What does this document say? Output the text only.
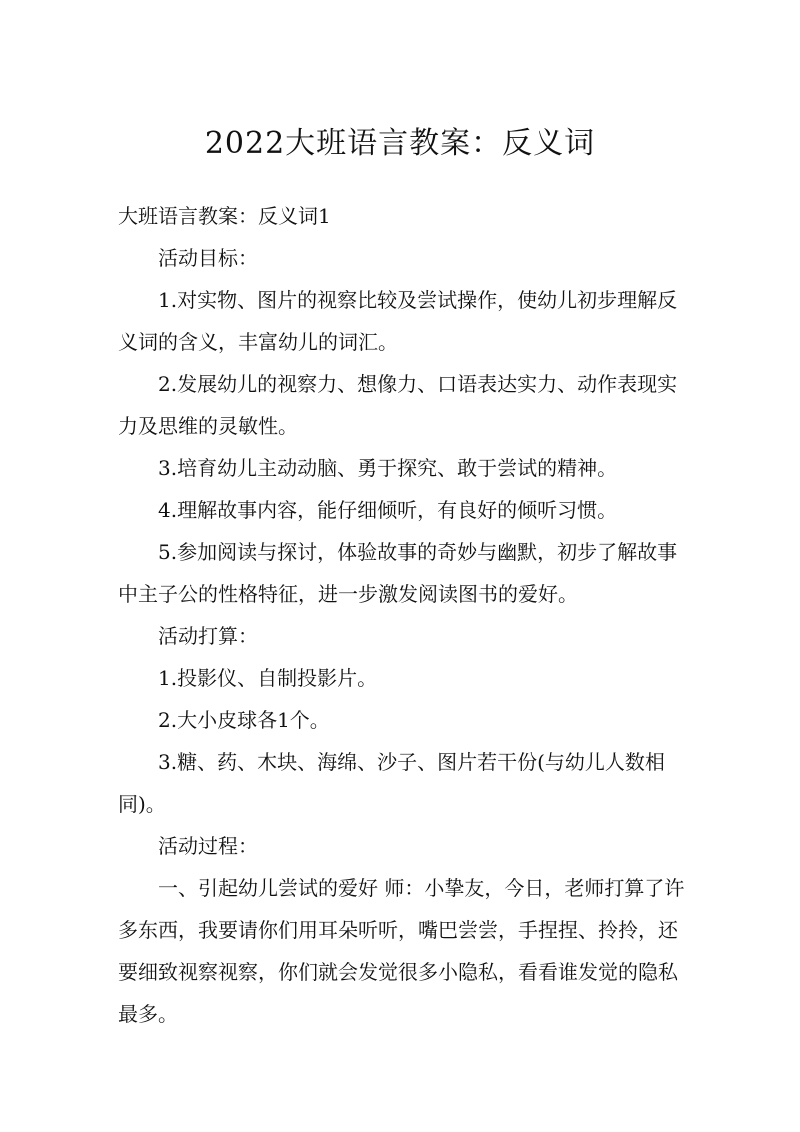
2022大班语言教案：反义词

大班语言教案：反义词1

活动目标：

1.对实物、图片的视察比较及尝试操作，使幼儿初步理解反义词的含义，丰富幼儿的词汇。

2.发展幼儿的视察力、想像力、口语表达实力、动作表现实力及思维的灵敏性。

3.培育幼儿主动动脑、勇于探究、敢于尝试的精神。

4.理解故事内容，能仔细倾听，有良好的倾听习惯。

5.参加阅读与探讨，体验故事的奇妙与幽默，初步了解故事中主子公的性格特征，进一步激发阅读图书的爱好。

活动打算：

1.投影仪、自制投影片。

2.大小皮球各1个。

3.糖、药、木块、海绵、沙子、图片若干份(与幼儿人数相同)。

活动过程：

一、引起幼儿尝试的爱好 师：小挚友，今日，老师打算了许多东西，我要请你们用耳朵听听，嘴巴尝尝，手捏捏、拎拎，还要细致视察视察，你们就会发觉很多小隐私，看看谁发觉的隐私最多。
